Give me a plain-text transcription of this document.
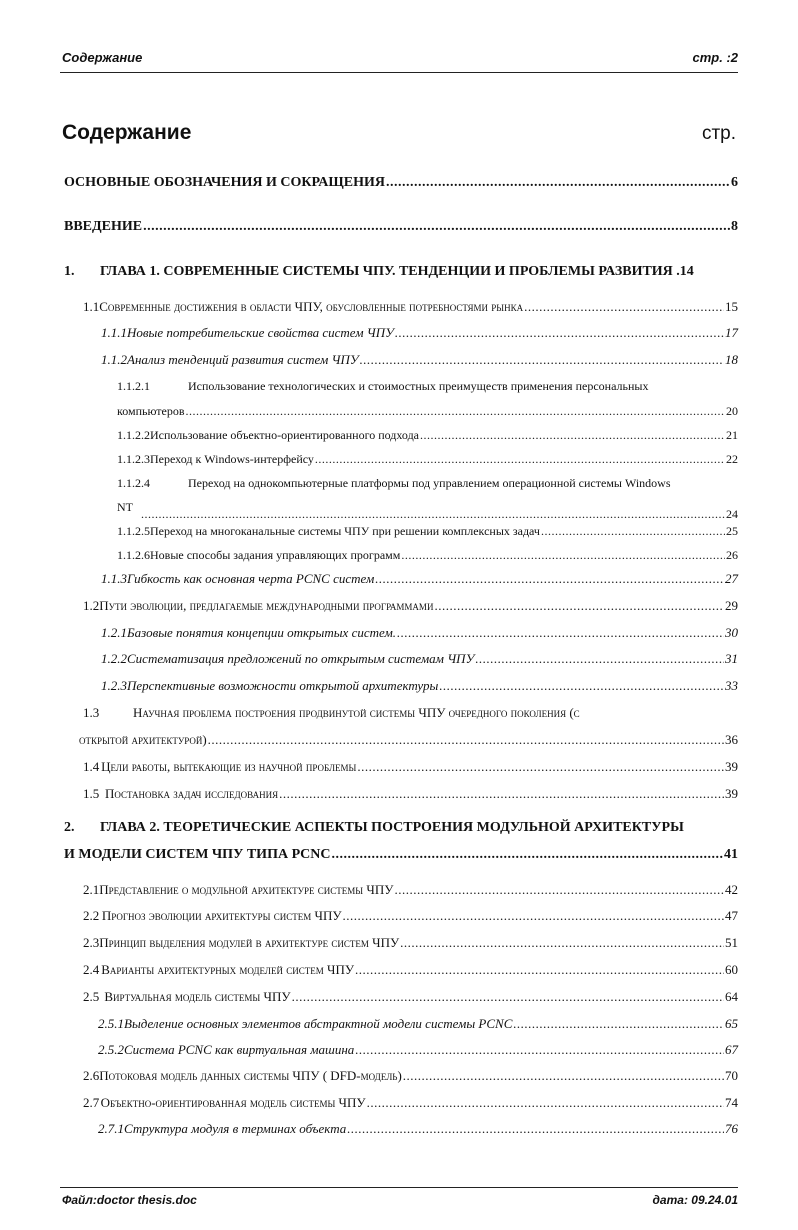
Содержание	стр. :2
Содержание	стр.
ОСНОВНЫЕ ОБОЗНАЧЕНИЯ И СОКРАЩЕНИЯ .....	6
ВВЕДЕНИЕ .....	8
1. ГЛАВА 1. СОВРЕМЕННЫЕ СИСТЕМЫ ЧПУ. ТЕНДЕНЦИИ И ПРОБЛЕМЫ РАЗВИТИЯ .14
1.1 Современные достижения в области ЧПУ, обусловленные потребностями рынка .....	15
1.1.1 Новые потребительские свойства систем ЧПУ .....	17
1.1.2 Анализ тенденций развития систем ЧПУ .....	18
1.1.2.1	Использование технологических и стоимостных преимуществ применения персональных
компьютеров .....	20
1.1.2.2 Использование объектно-ориентированного подхода .....	21
1.1.2.3 Переход к Windows-интерфейсу .....	22
1.1.2.4	Переход на однокомпьютерные платформы под управлением операционной системы Windows
NT .....	24
1.1.2.5 Переход на многоканальные системы ЧПУ при решении комплексных задач .....	25
1.1.2.6 Новые способы задания управляющих программ .....	26
1.1.3 Гибкость как основная черта PCNC систем .....	27
1.2 Пути эволюции, предлагаемые международными программами .....	29
1.2.1 Базовые понятия концепции открытых систем. .....	30
1.2.2 Систематизация предложений по открытым системам ЧПУ .....	31
1.2.3 Перспективные возможности открытой архитектуры .....	33
1.3	Научная проблема построения продвинутой системы ЧПУ очередного поколения (с
открытой архитектурой) .....	36
1.4 Цели работы, вытекающие из научной проблемы .....	39
1.5 Постановка задач исследования .....	39
2. ГЛАВА 2. ТЕОРЕТИЧЕСКИЕ АСПЕКТЫ ПОСТРОЕНИЯ МОДУЛЬНОЙ АРХИТЕКТУРЫ
И МОДЕЛИ СИСТЕМ ЧПУ ТИПА PCNC .....	41
2.1 Представление о модульной архитектуре системы ЧПУ .....	42
2.2 Прогноз эволюции архитектуры систем ЧПУ .....	47
2.3 Принцип выделения модулей в архитектуре систем ЧПУ .....	51
2.4 Варианты архитектурных моделей систем ЧПУ .....	60
2.5 Виртуальная модель системы ЧПУ .....	64
2.5.1 Выделение основных элементов абстрактной модели системы PCNC .....	65
2.5.2 Система PCNC как виртуальная машина .....	67
2.6 Потоковая модель данных системы ЧПУ ( DFD-модель) .....	70
2.7 Объектно-ориентированная модель системы ЧПУ .....	74
2.7.1 Структура модуля в терминах объекта .....	76
Файл:doctor thesis.doc	дата: 09.24.01
